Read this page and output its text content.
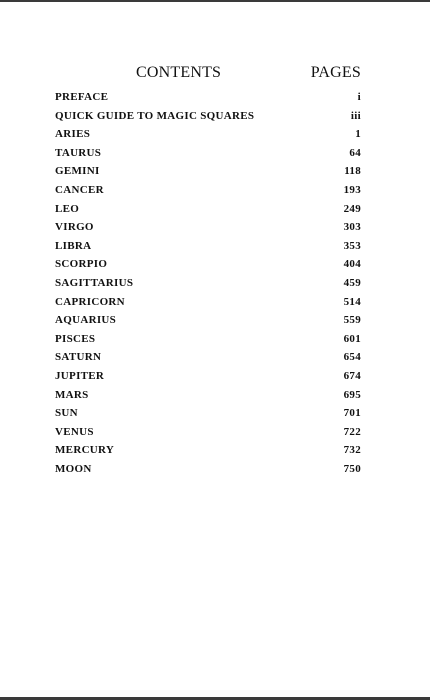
CONTENTS	PAGES
PREFACE	i
QUICK GUIDE TO MAGIC SQUARES	iii
ARIES	1
TAURUS	64
GEMINI	118
CANCER	193
LEO	249
VIRGO	303
LIBRA	353
SCORPIO	404
SAGITTARIUS	459
CAPRICORN	514
AQUARIUS	559
PISCES	601
SATURN	654
JUPITER	674
MARS	695
SUN	701
VENUS	722
MERCURY	732
MOON	750
